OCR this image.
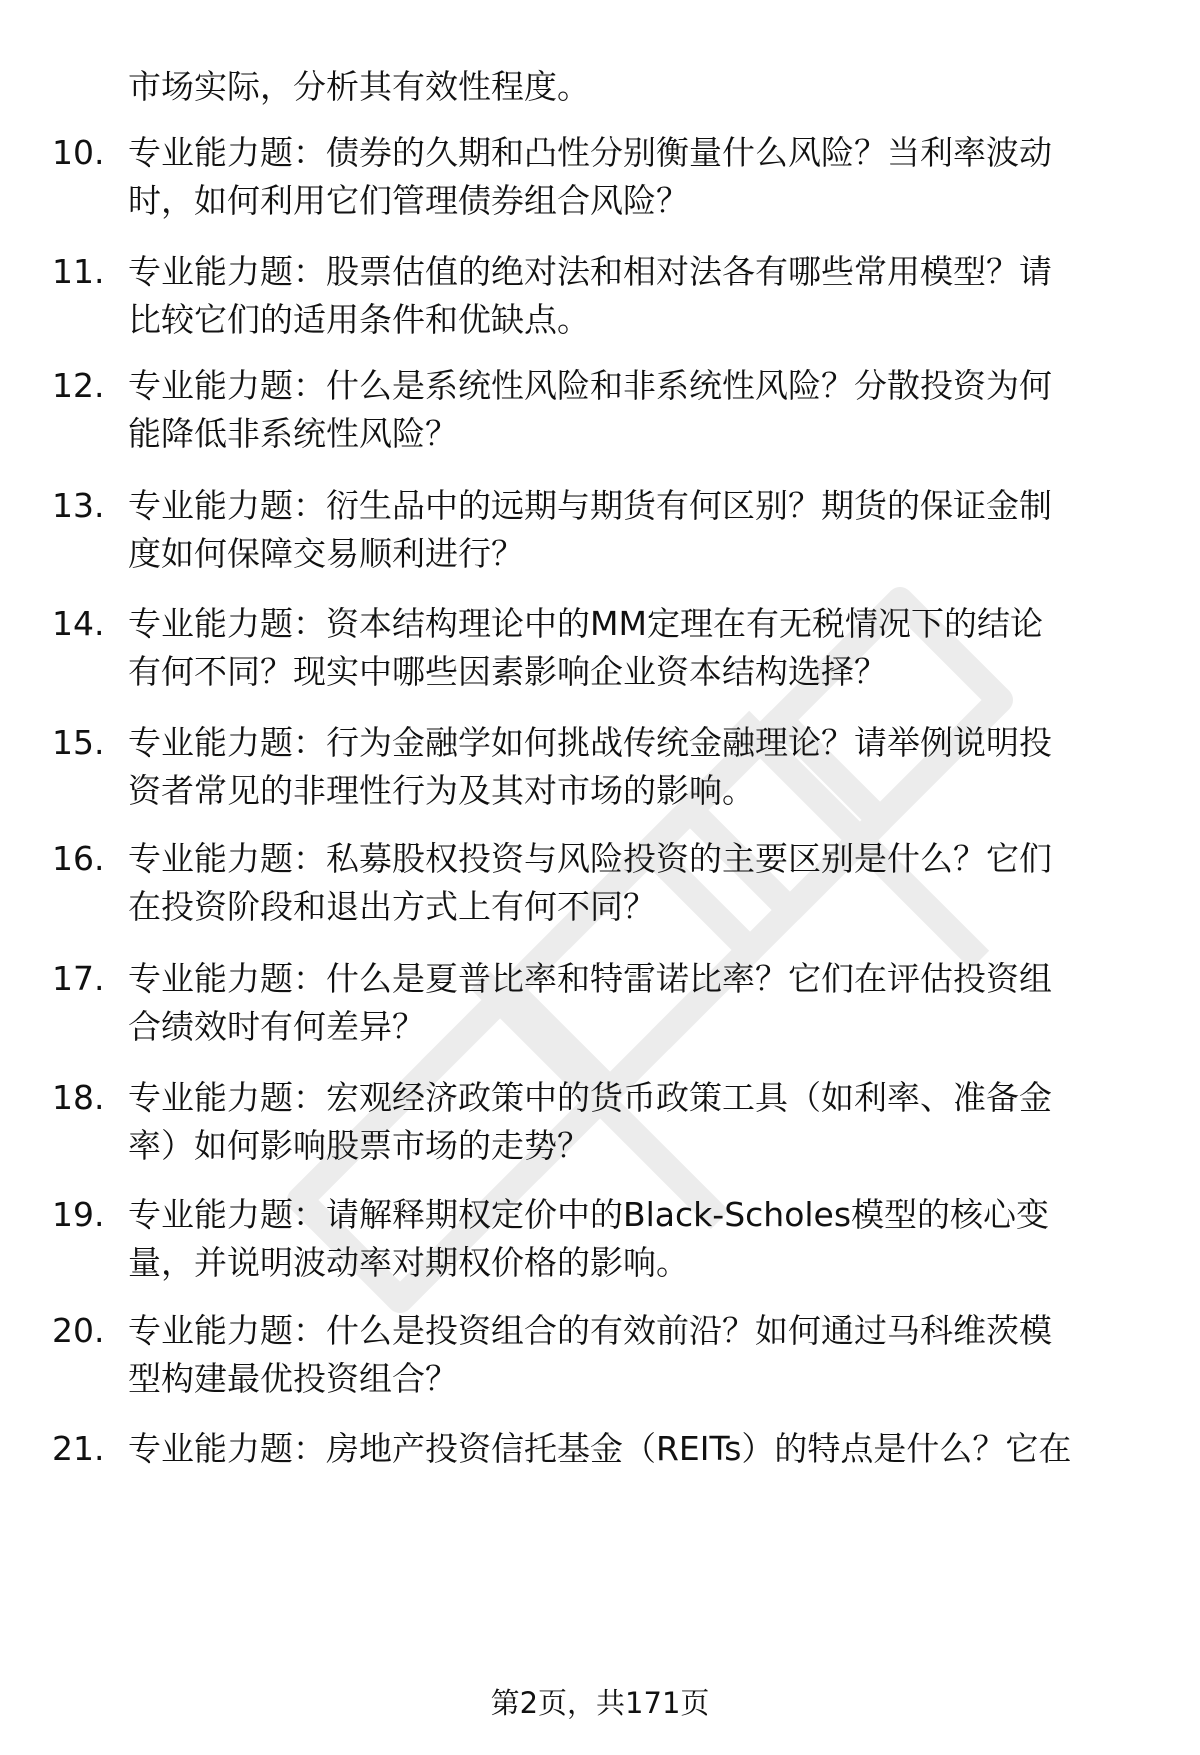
市场实际，分析其有效性程度。
10. 专业能力题：债券的久期和凸性分别衡量什么风险？当利率波动
时，如何利用它们管理债券组合风险？
11. 专业能力题：股票估值的绝对法和相对法各有哪些常用模型？请
比较它们的适用条件和优缺点。
12. 专业能力题：什么是系统性风险和非系统性风险？分散投资为何
能降低非系统性风险？
13. 专业能力题：衍生品中的远期与期货有何区别？期货的保证金制
度如何保障交易顺利进行？
14. 专业能力题：资本结构理论中的MM定理在有无税情况下的结论
有何不同？现实中哪些因素影响企业资本结构选择？
15. 专业能力题：行为金融学如何挑战传统金融理论？请举例说明投
资者常见的非理性行为及其对市场的影响。
16. 专业能力题：私募股权投资与风险投资的主要区别是什么？它们
在投资阶段和退出方式上有何不同？
17. 专业能力题：什么是夏普比率和特雷诺比率？它们在评估投资组
合绩效时有何差异？
18. 专业能力题：宏观经济政策中的货币政策工具（如利率、准备金
率）如何影响股票市场的走势？
19. 专业能力题：请解释期权定价中的Black-Scholes模型的核心变
量，并说明波动率对期权价格的影响。
20. 专业能力题：什么是投资组合的有效前沿？如何通过马科维茨模
型构建最优投资组合？
21. 专业能力题：房地产投资信托基金（REITs）的特点是什么？它在
第2页，共171页
